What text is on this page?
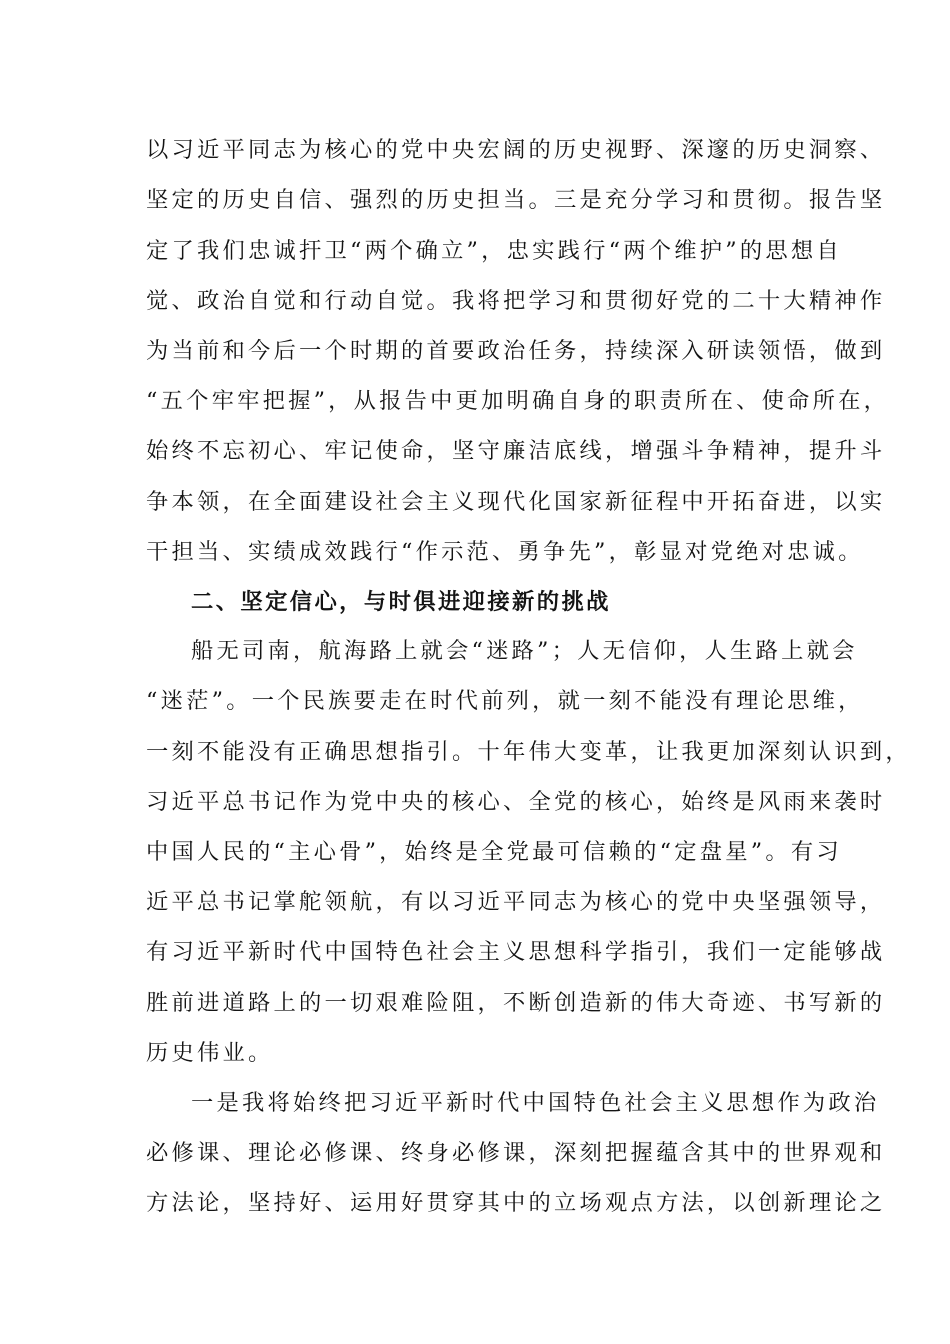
以习近平同志为核心的党中央宏阔的历史视野、深邃的历史洞察、
坚定的历史自信、强烈的历史担当。三是充分学习和贯彻。报告坚
定了我们忠诚扞卫“两个确立”，忠实践行“两个维护”的思想自
觉、政治自觉和行动自觉。我将把学习和贯彻好党的二十大精神作
为当前和今后一个时期的首要政治任务，持续深入研读领悟，做到
“五个牢牢把握”，从报告中更加明确自身的职责所在、使命所在，
始终不忘初心、牢记使命，坚守廉洁底线，增强斗争精神，提升斗
争本领，在全面建设社会主义现代化国家新征程中开拓奋进，以实
干担当、实绩成效践行“作示范、勇争先”，彰显对党绝对忠诚。
二、坚定信心，与时俱进迎接新的挑战
船无司南，航海路上就会“迷路”；人无信仰，人生路上就会
“迷茫”。一个民族要走在时代前列，就一刻不能没有理论思维，
一刻不能没有正确思想指引。十年伟大变革，让我更加深刻认识到，
习近平总书记作为党中央的核心、全党的核心，始终是风雨来袭时
中国人民的“主心骨”，始终是全党最可信赖的“定盘星”。有习
近平总书记掌舵领航，有以习近平同志为核心的党中央坚强领导，
有习近平新时代中国特色社会主义思想科学指引，我们一定能够战
胜前进道路上的一切艰难险阻，不断创造新的伟大奇迹、书写新的
历史伟业。
一是我将始终把习近平新时代中国特色社会主义思想作为政治
必修课、理论必修课、终身必修课，深刻把握蕴含其中的世界观和
方法论，坚持好、运用好贯穿其中的立场观点方法，以创新理论之
